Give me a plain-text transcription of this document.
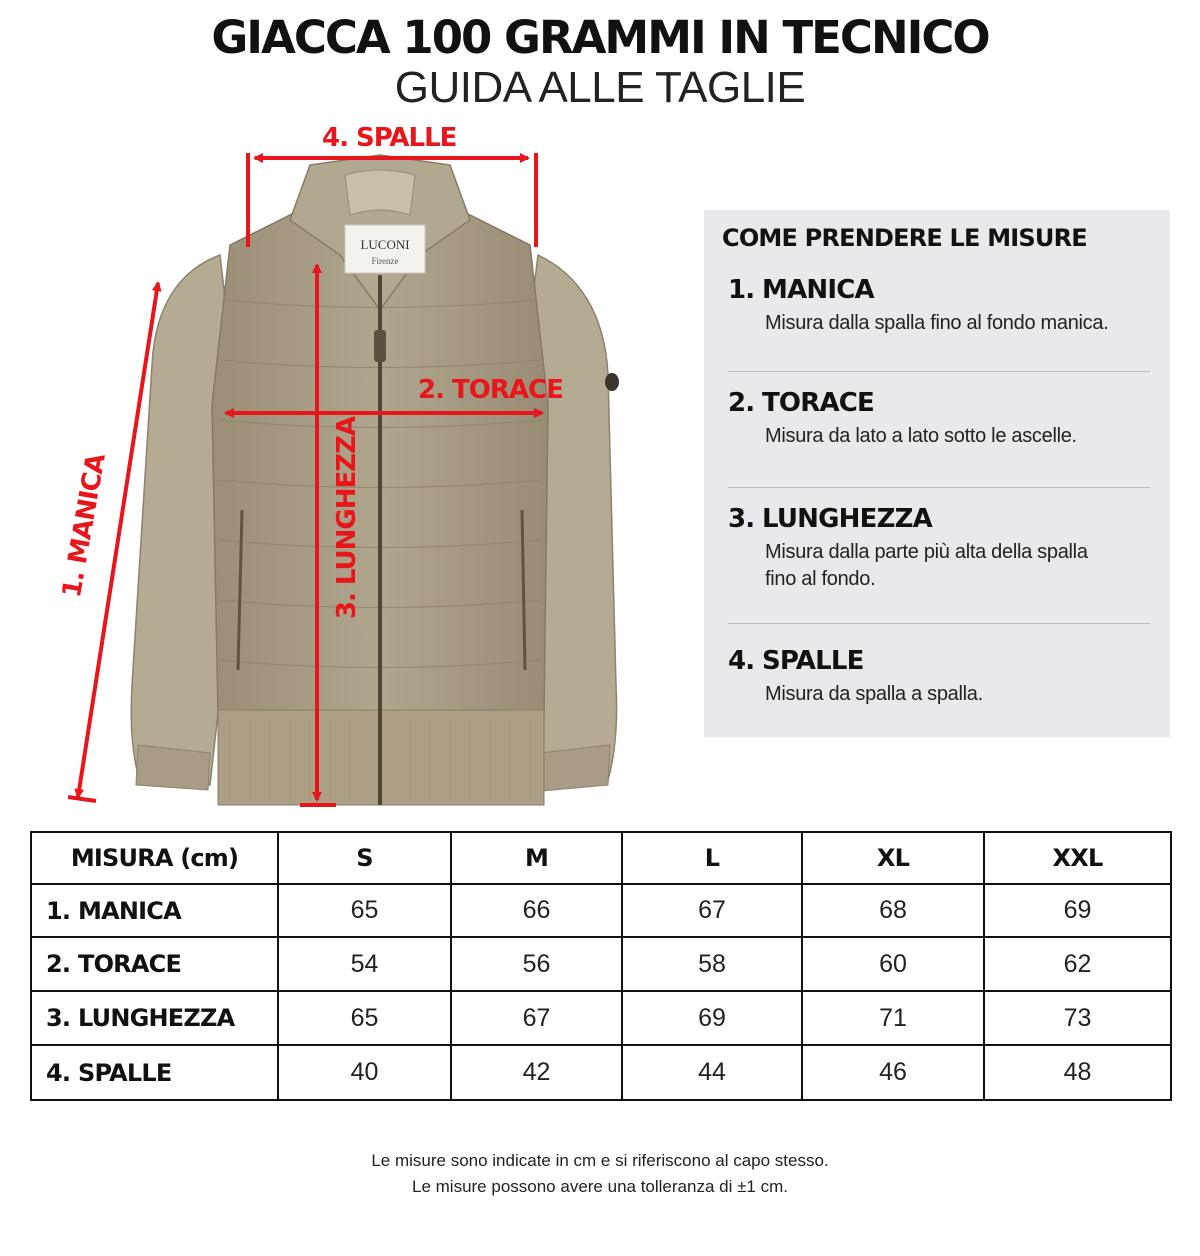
GIACCA 100 GRAMMI IN TECNICO
GUIDA ALLE TAGLIE
LUCONI
Firenze
4. SPALLE
2. TORACE
1. MANICA	3. LUNGHEZZA
COME PRENDERE LE MISURE
1. MANICA
Misura dalla spalla fino al fondo manica.
2. TORACE
Misura da lato a lato sotto le ascelle.
3. LUNGHEZZA
Misura dalla parte più alta della spalla
fino al fondo.
4. SPALLE
Misura da spalla a spalla.
MISURA (cm)	S	M	L	XL	XXL
1. MANICA	65	66	67	68	69
2. TORACE	54	56	58	60	62
3. LUNGHEZZA	65	67	69	71	73
4. SPALLE	40	42	44	46	48
Le misure sono indicate in cm e si riferiscono al capo stesso.
Le misure possono avere una tolleranza di ±1 cm.
